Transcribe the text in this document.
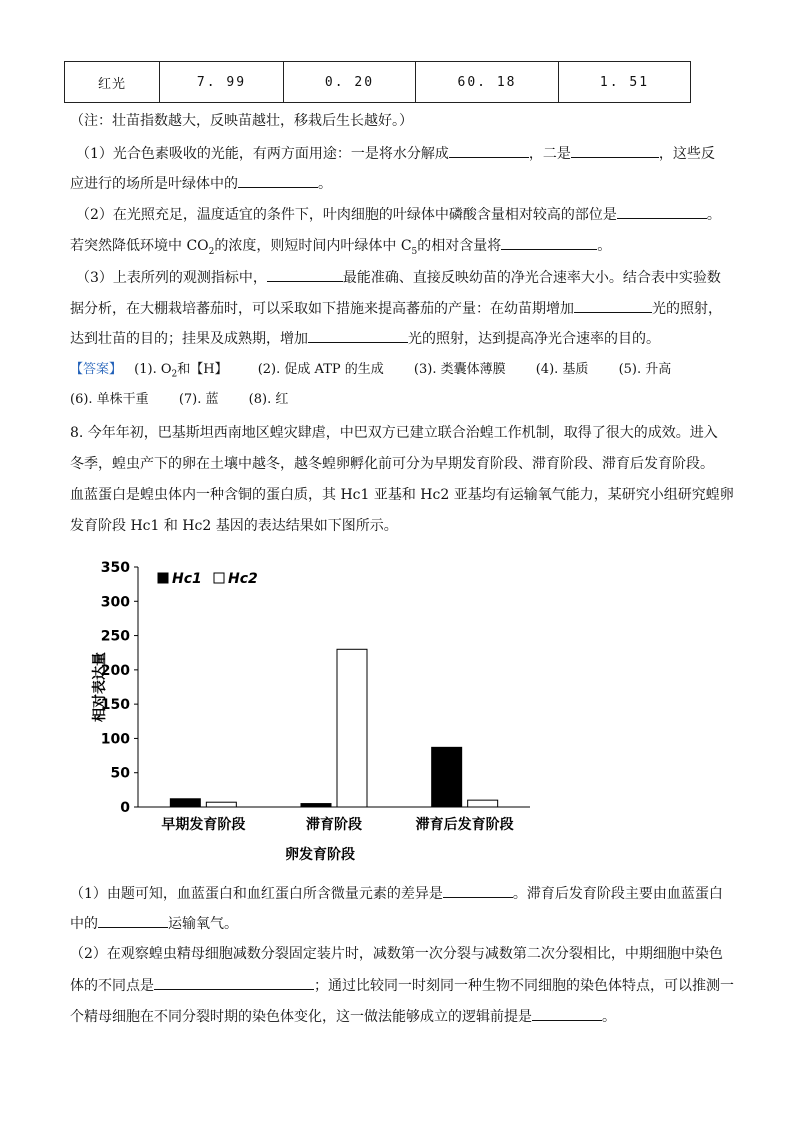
红光	7. 99	0. 20	60. 18	1. 51
（注：壮苗指数越大，反映苗越壮，移栽后生长越好。）
（1）光合色素吸收的光能，有两方面用途：一是将水分解成	，二是	，这些反
应进行的场所是叶绿体中的	。
（2）在光照充足，温度适宜的条件下，叶肉细胞的叶绿体中磷酸含量相对较高的部位是	。
若突然降低环境中 $CO_2$的浓度，则短时间内叶绿体中 $C_5$的相对含量将	。
（3）上表所列的观测指标中，	最能准确、直接反映幼苗的净光合速率大小。结合表中实验数
据分析，在大棚栽培蕃茄时，可以采取如下措施来提高蕃茄的产量：在幼苗期增加	光的照射，
达到壮苗的目的；挂果及成熟期，增加	光的照射，达到提高净光合速率的目的。
【答案】 (1). $O_2$和【H】 (2). 促成 ATP 的生成 (3). 类囊体薄膜 (4). 基质 (5). 升高
(6). 单株干重 (7). 蓝 (8). 红
8. 今年年初，巴基斯坦西南地区蝗灾肆虐，中巴双方已建立联合治蝗工作机制，取得了很大的成效。进入
冬季，蝗虫产下的卵在土壤中越冬，越冬蝗卵孵化前可分为早期发育阶段、滞育阶段、滞育后发育阶段。
血蓝蛋白是蝗虫体内一种含铜的蛋白质，其 Hc1 亚基和 Hc2 亚基均有运输氧气能力，某研究小组研究蝗卵
发育阶段 Hc1 和 Hc2 基因的表达结果如下图所示。
0
50
100
150
200
250
300
350
相对表达量
早期发育阶段	滞育阶段	滞育后发育阶段
卵发育阶段
Hc1 Hc2
（1）由题可知，血蓝蛋白和血红蛋白所含微量元素的差异是	。滞育后发育阶段主要由血蓝蛋白
中的	运输氧气。
（2）在观察蝗虫精母细胞减数分裂固定装片时，减数第一次分裂与减数第二次分裂相比，中期细胞中染色
体的不同点是	；通过比较同一时刻同一种生物不同细胞的染色体特点，可以推测一
个精母细胞在不同分裂时期的染色体变化，这一做法能够成立的逻辑前提是	。
